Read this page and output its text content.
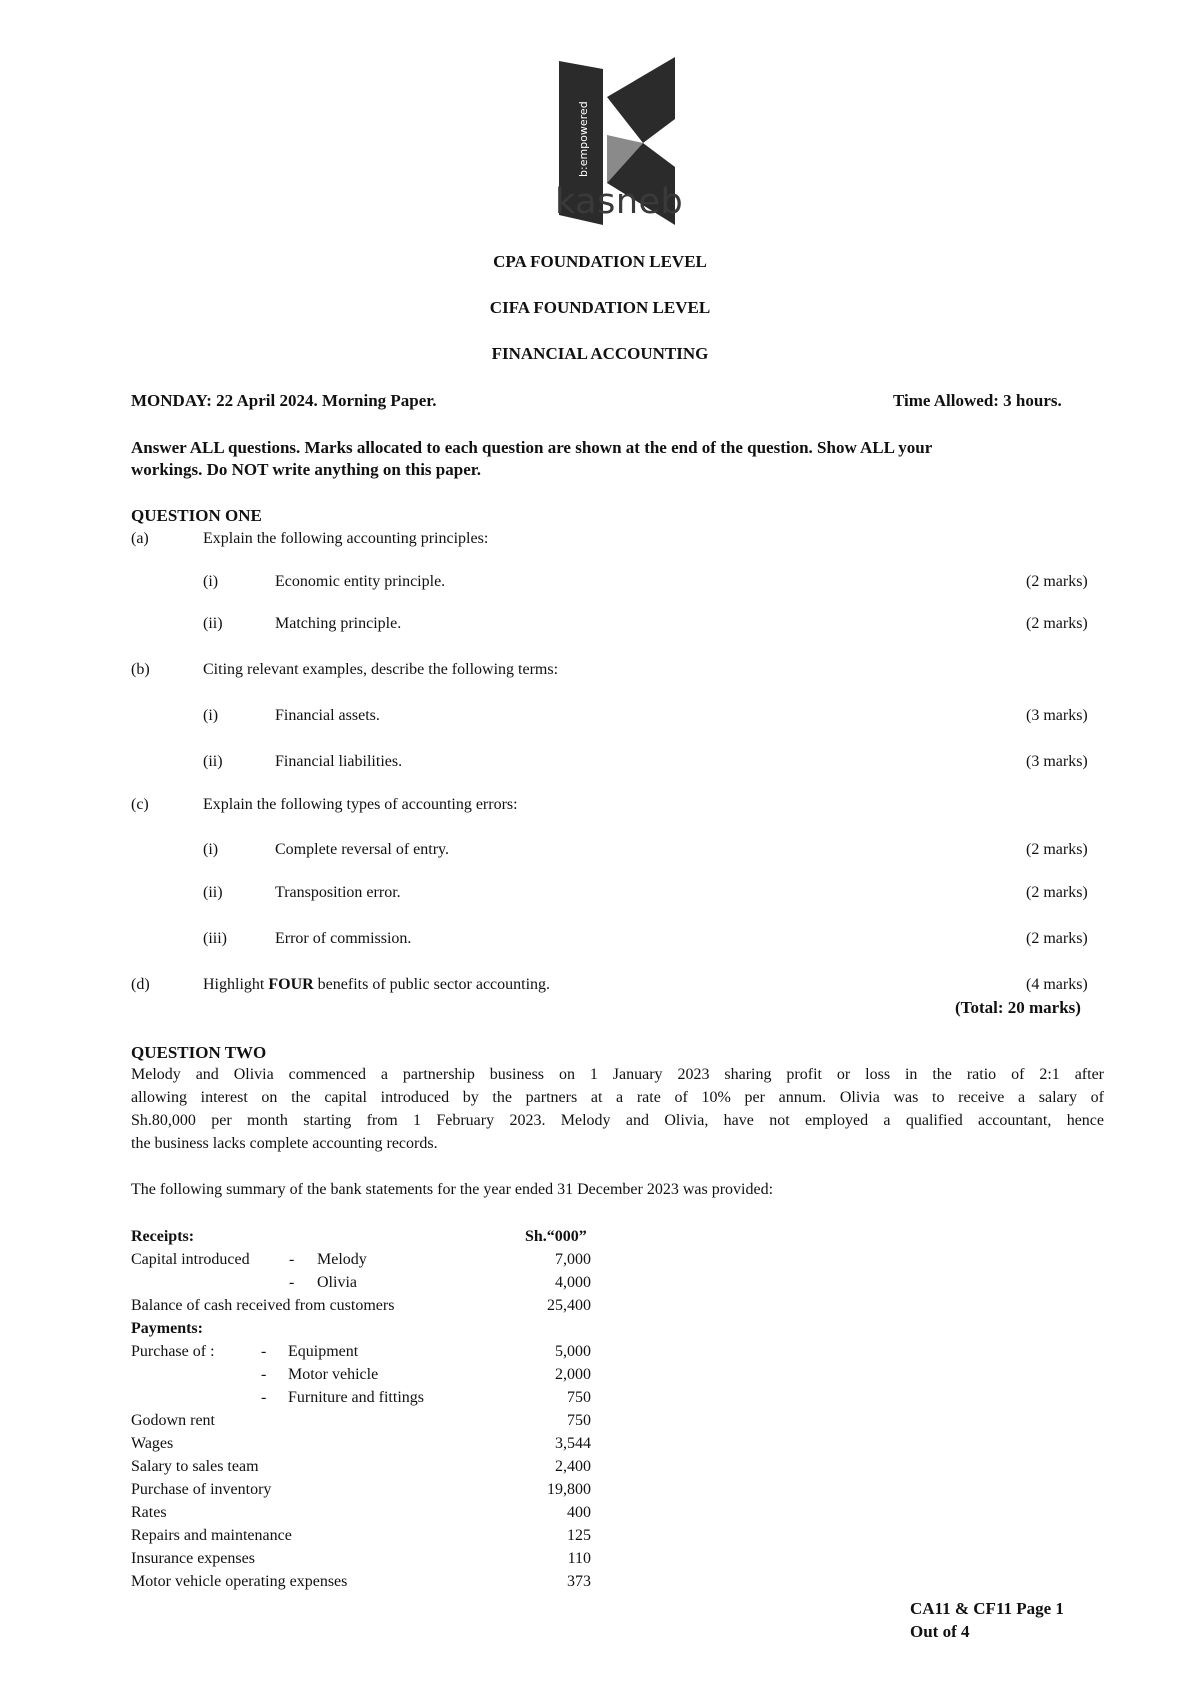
b:empowered
kasneb
CPA FOUNDATION LEVEL
CIFA FOUNDATION LEVEL
FINANCIAL ACCOUNTING
MONDAY: 22 April 2024. Morning Paper.	Time Allowed: 3 hours.
Answer ALL questions. Marks allocated to each question are shown at the end of the question. Show ALL your
workings. Do NOT write anything on this paper.
QUESTION ONE
(a)	Explain the following accounting principles:
(i)	Economic entity principle.	(2 marks)
(ii)	Matching principle.	(2 marks)
(b)	Citing relevant examples, describe the following terms:
(i)	Financial assets.	(3 marks)
(ii)	Financial liabilities.	(3 marks)
(c)	Explain the following types of accounting errors:
(i)	Complete reversal of entry.	(2 marks)
(ii)	Transposition error.	(2 marks)
(iii)	Error of commission.	(2 marks)
(d)	Highlight FOUR benefits of public sector accounting.	(4 marks)
(Total: 20 marks)
QUESTION TWO
Melody and Olivia commenced a partnership business on 1 January 2023 sharing profit or loss in the ratio of 2:1 after
allowing interest on the capital introduced by the partners at a rate of 10% per annum. Olivia was to receive a salary of
Sh.80,000 per month starting from 1 February 2023. Melody and Olivia, have not employed a qualified accountant, hence
the business lacks complete accounting records.
The following summary of the bank statements for the year ended 31 December 2023 was provided:
Receipts:	Sh.“000”
Capital introduced - Melody	7,000
- Olivia	4,000
Balance of cash received from customers	25,400
Payments:
Purchase of :	- Equipment	5,000
- Motor vehicle	2,000
- Furniture and fittings	750
Godown rent	750
Wages	3,544
Salary to sales team	2,400
Purchase of inventory	19,800
Rates	400
Repairs and maintenance	125
Insurance expenses	110
Motor vehicle operating expenses	373
CA11 & CF11 Page 1
Out of 4
